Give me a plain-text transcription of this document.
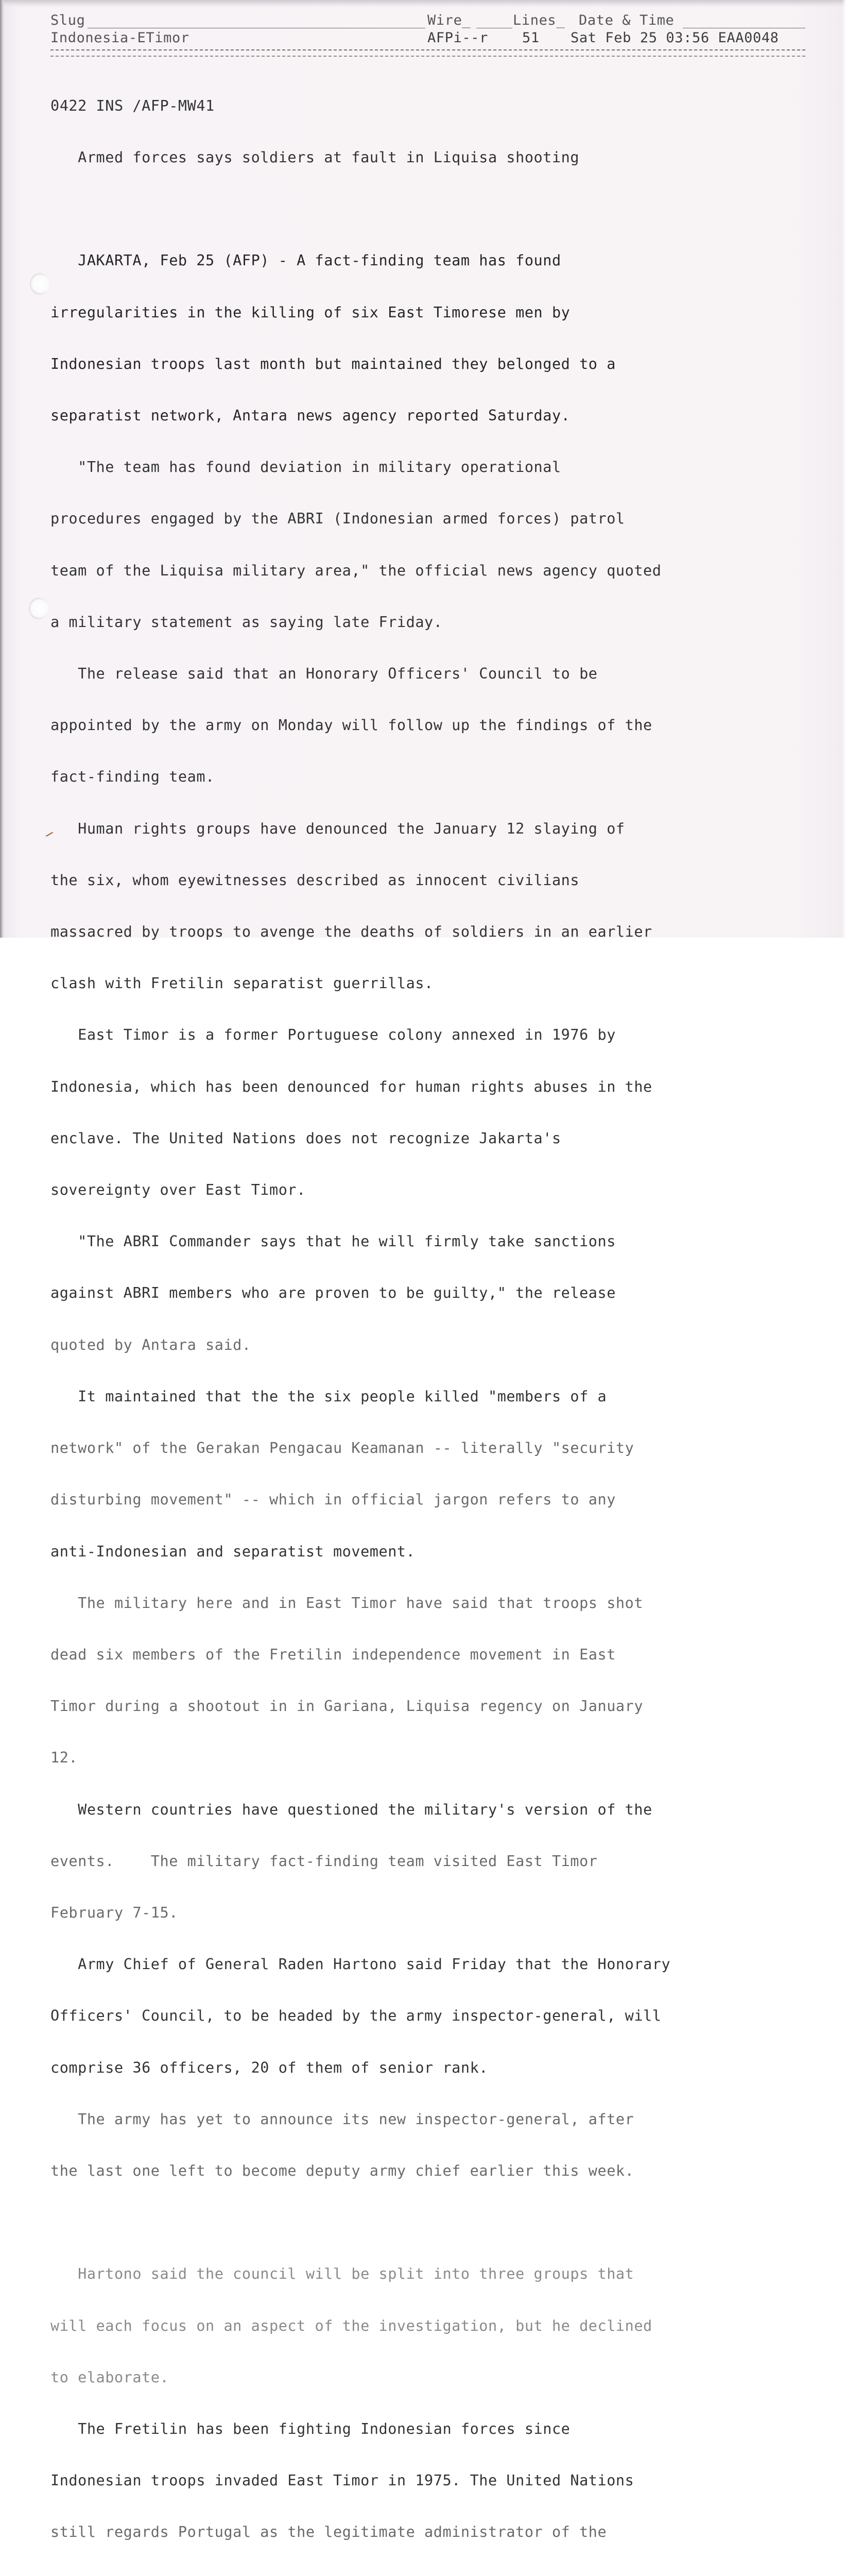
Slug	Wire_	Lines_ Date & Time
Indonesia-ETimor	AFPi--r 51 Sat Feb 25 03:56 EAA0048

0422 INS /AFP-MW41

Armed forces says soldiers at fault in Liquisa shooting

JAKARTA, Feb 25 (AFP) - A fact-finding team has found

irregularities in the killing of six East Timorese men by

Indonesian troops last month but maintained they belonged to a

separatist network, Antara news agency reported Saturday.

"The team has found deviation in military operational

procedures engaged by the ABRI (Indonesian armed forces) patrol

team of the Liquisa military area," the official news agency quoted

a military statement as saying late Friday.

The release said that an Honorary Officers' Council to be

appointed by the army on Monday will follow up the findings of the

fact-finding team.

Human rights groups have denounced the January 12 slaying of

the six, whom eyewitnesses described as innocent civilians

massacred by troops to avenge the deaths of soldiers in an earlier

clash with Fretilin separatist guerrillas.

East Timor is a former Portuguese colony annexed in 1976 by

Indonesia, which has been denounced for human rights abuses in the

enclave. The United Nations does not recognize Jakarta's

sovereignty over East Timor.

"The ABRI Commander says that he will firmly take sanctions

against ABRI members who are proven to be guilty," the release

quoted by Antara said.

It maintained that the the six people killed "members of a

network" of the Gerakan Pengacau Keamanan -- literally "security

disturbing movement" -- which in official jargon refers to any

anti-Indonesian and separatist movement.

The military here and in East Timor have said that troops shot

dead six members of the Fretilin independence movement in East

Timor during a shootout in in Gariana, Liquisa regency on January

12.

Western countries have questioned the military's version of the

events.    The military fact-finding team visited East Timor

February 7-15.

Army Chief of General Raden Hartono said Friday that the Honorary

Officers' Council, to be headed by the army inspector-general, will

comprise 36 officers, 20 of them of senior rank.

The army has yet to announce its new inspector-general, after

the last one left to become deputy army chief earlier this week.

Hartono said the council will be split into three groups that

will each focus on an aspect of the investigation, but he declined

to elaborate.

The Fretilin has been fighting Indonesian forces since

Indonesian troops invaded East Timor in 1975. The United Nations

still regards Portugal as the legitimate administrator of the
